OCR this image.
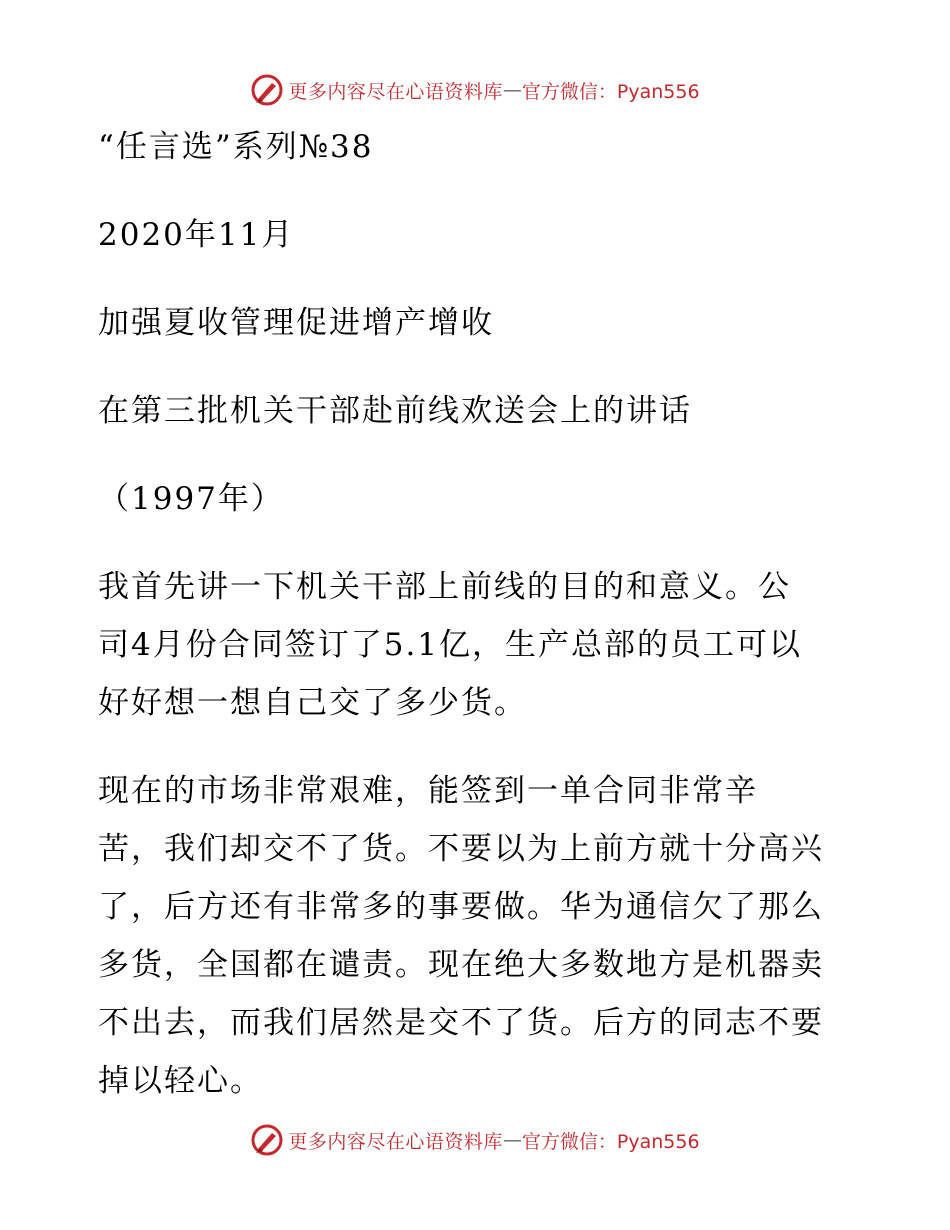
更多内容尽在心语资料库 — 官方微信：Pyan556
“任言选”系列№38
2020年11月
加强夏收管理促进增产增收
在第三批机关干部赴前线欢送会上的讲话
（1997年）

我首先讲一下机关干部上前线的目的和意义。公
司4月份合同签订了5.1亿，生产总部的员工可以
好好想一想自己交了多少货。

现在的市场非常艰难，能签到一单合同非常辛
苦，我们却交不了货。不要以为上前方就十分高兴
了，后方还有非常多的事要做。华为通信欠了那么
多货，全国都在谴责。现在绝大多数地方是机器卖
不出去，而我们居然是交不了货。后方的同志不要
掉以轻心。

更多内容尽在心语资料库 — 官方微信：Pyan556
